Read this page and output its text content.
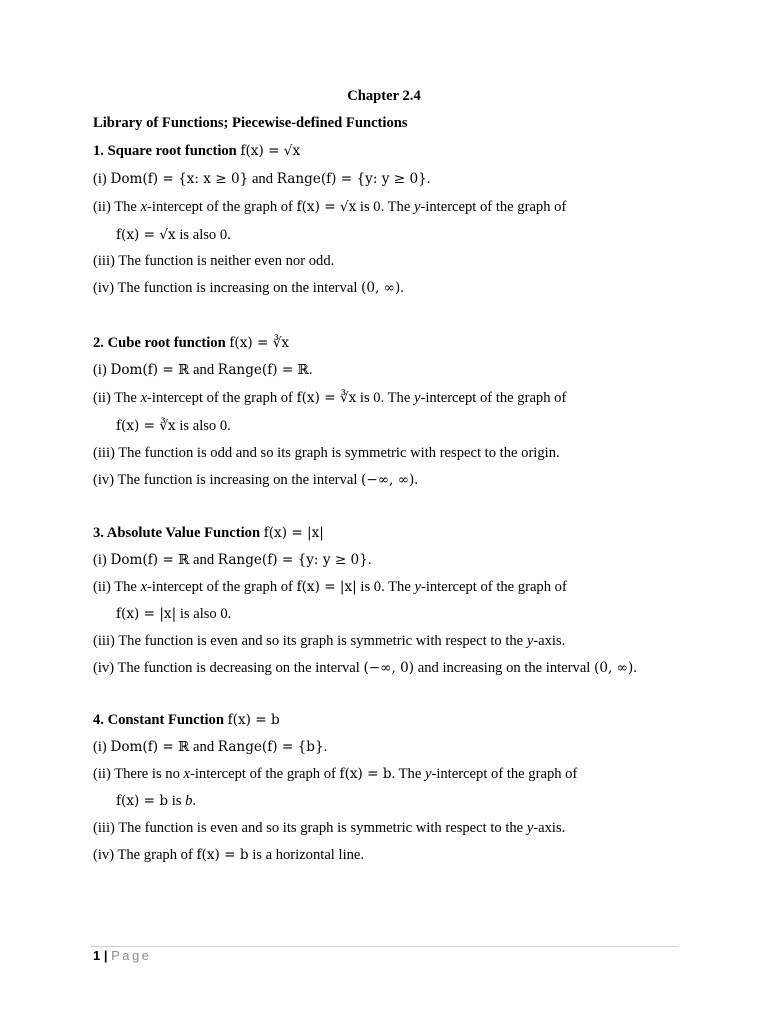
Chapter 2.4
Library of Functions; Piecewise-defined Functions
1. Square root function f(x) = √x
(i) Dom(f) = {x: x ≥ 0} and Range(f) = {y: y ≥ 0}.
(ii) The x-intercept of the graph of f(x) = √x is 0. The y-intercept of the graph of
f(x) = √x is also 0.
(iii) The function is neither even nor odd.
(iv) The function is increasing on the interval (0, ∞).
2. Cube root function f(x) = ∛x
(i) Dom(f) = ℝ and Range(f) = ℝ.
(ii) The x-intercept of the graph of f(x) = ∛x is 0. The y-intercept of the graph of
f(x) = ∛x is also 0.
(iii) The function is odd and so its graph is symmetric with respect to the origin.
(iv) The function is increasing on the interval (−∞, ∞).
3. Absolute Value Function f(x) = |x|
(i) Dom(f) = ℝ and Range(f) = {y: y ≥ 0}.
(ii) The x-intercept of the graph of f(x) = |x| is 0. The y-intercept of the graph of
f(x) = |x| is also 0.
(iii) The function is even and so its graph is symmetric with respect to the y-axis.
(iv) The function is decreasing on the interval (−∞, 0) and increasing on the interval (0, ∞).
4. Constant Function f(x) = b
(i) Dom(f) = ℝ and Range(f) = {b}.
(ii) There is no x-intercept of the graph of f(x) = b. The y-intercept of the graph of
f(x) = b is b.
(iii) The function is even and so its graph is symmetric with respect to the y-axis.
(iv) The graph of f(x) = b is a horizontal line.
1 | Page
